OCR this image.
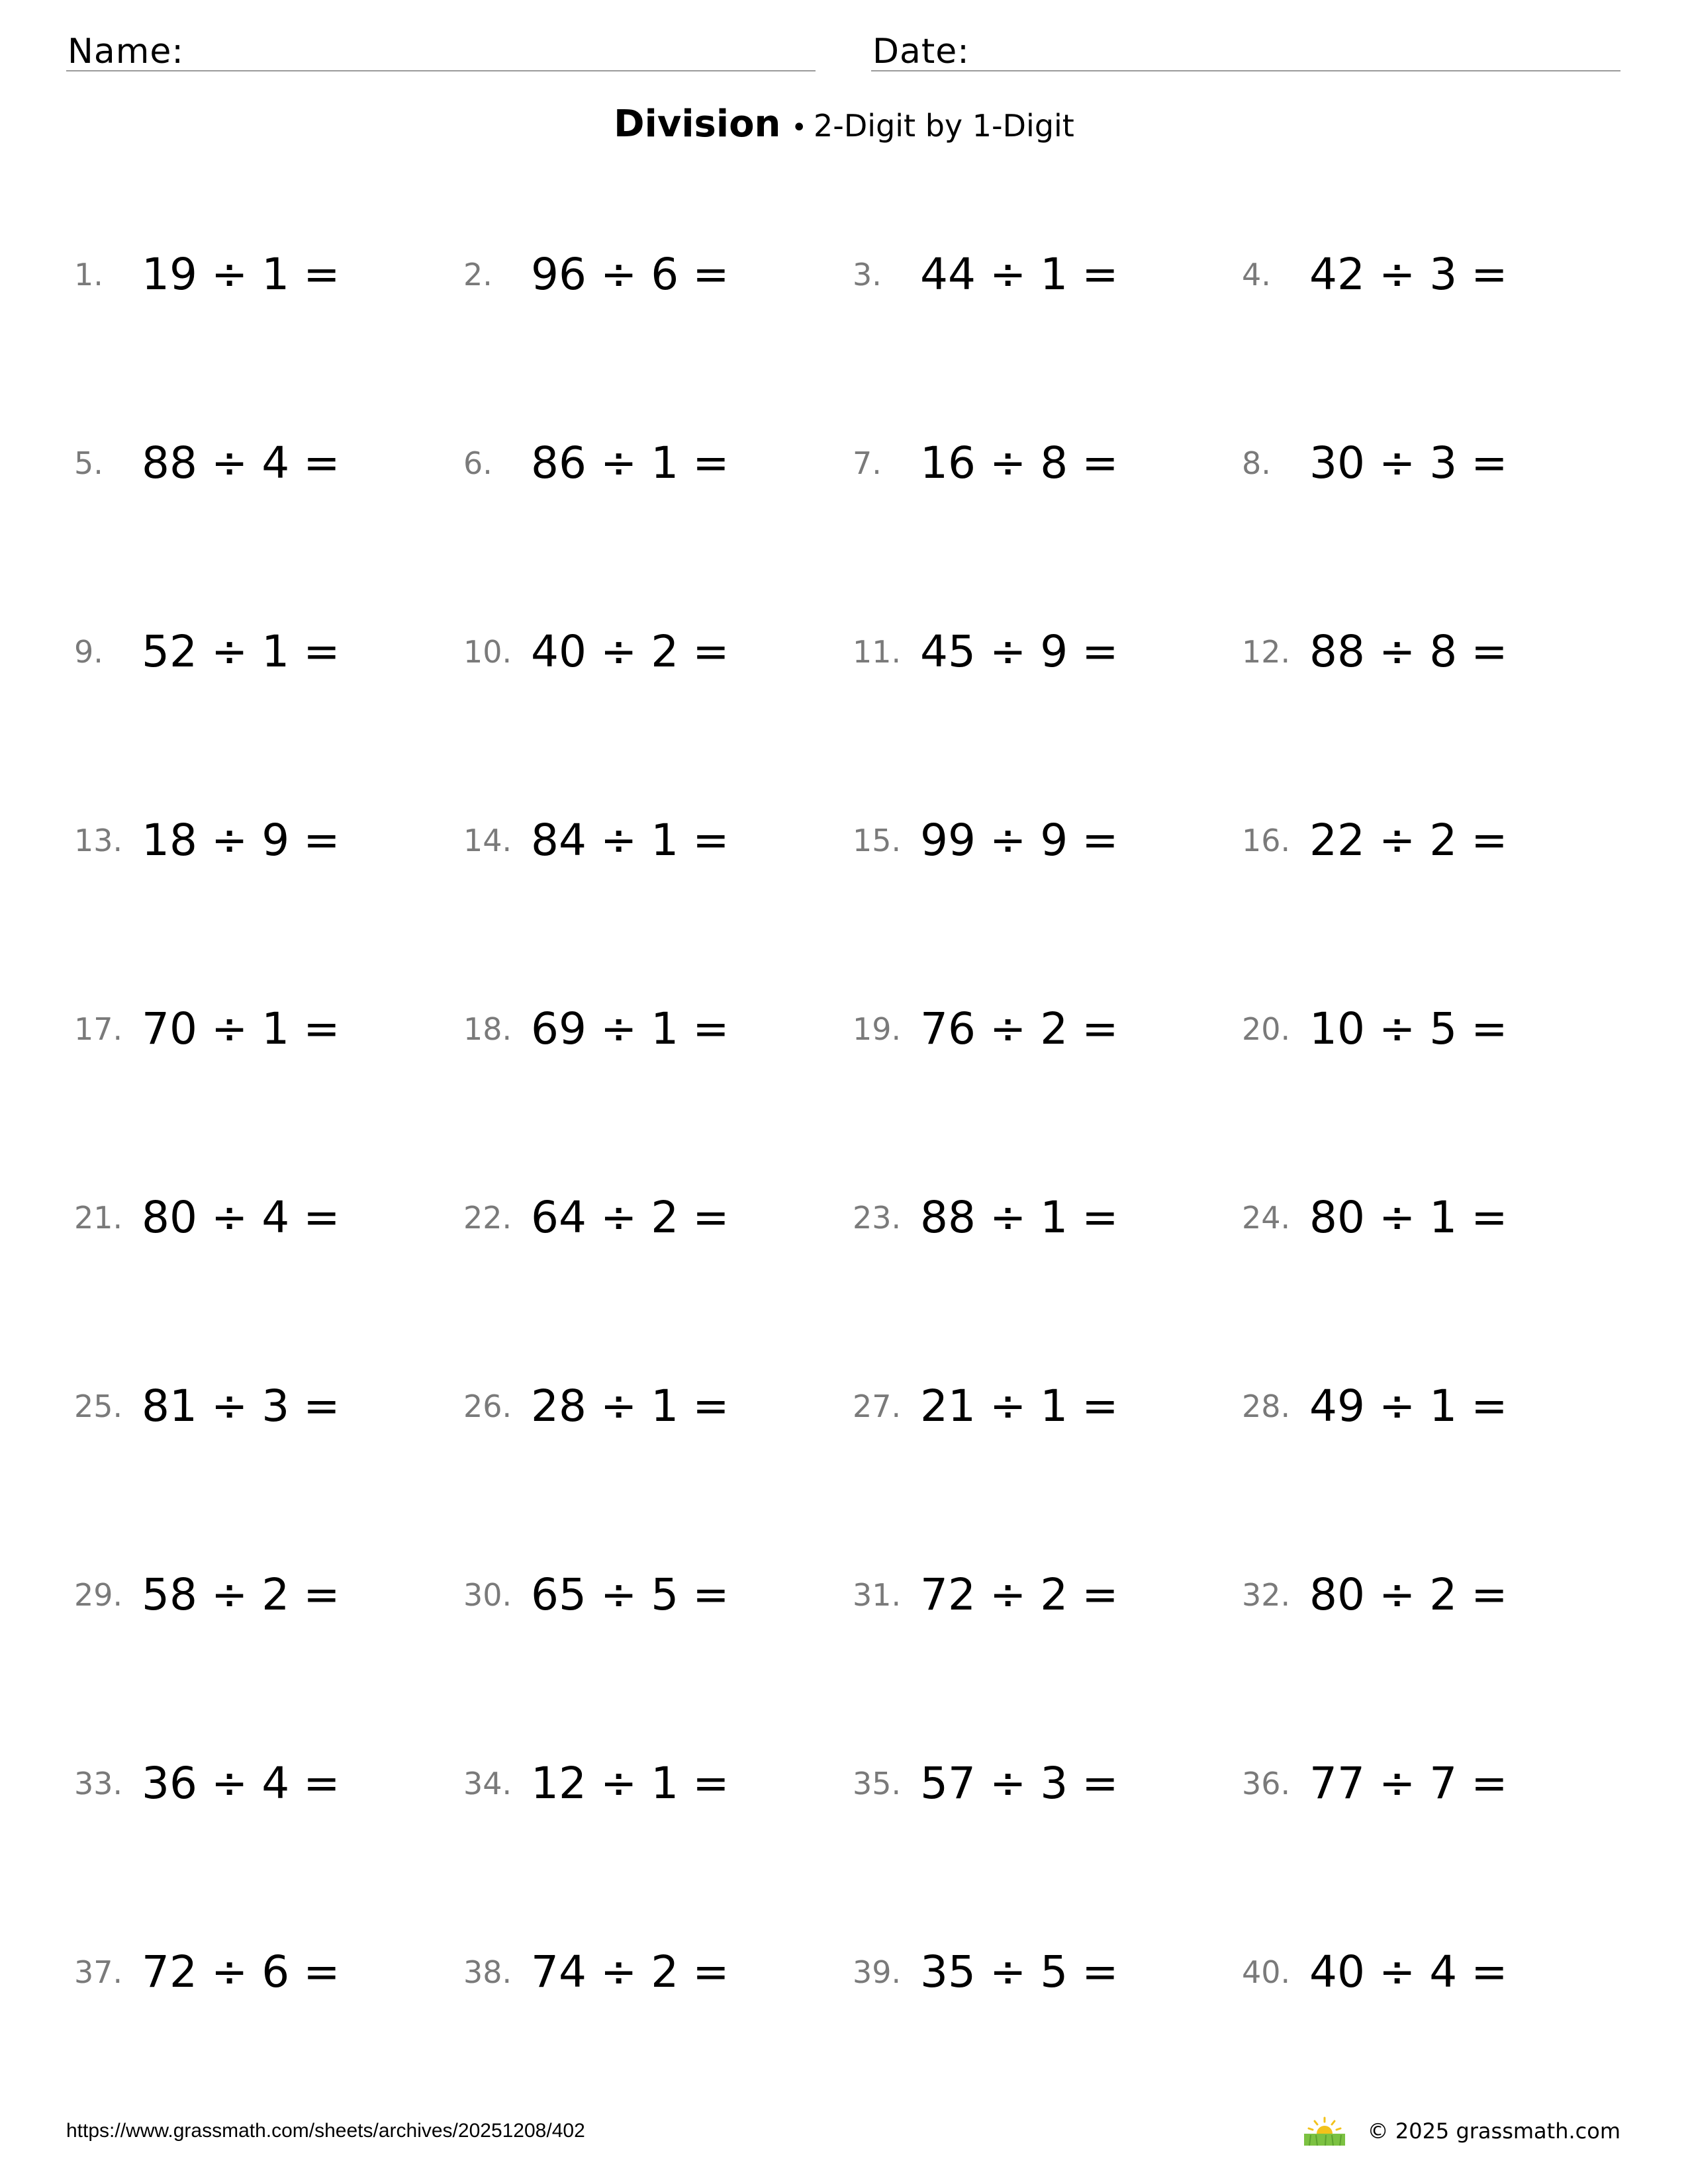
Name:	Date:
Division • 2-Digit by 1-Digit
1. 19 ÷ 1 =	2. 96 ÷ 6 =	3. 44 ÷ 1 =	4. 42 ÷ 3 =
5. 88 ÷ 4 =	6. 86 ÷ 1 =	7. 16 ÷ 8 =	8. 30 ÷ 3 =
9. 52 ÷ 1 =	10. 40 ÷ 2 =	11. 45 ÷ 9 =	12. 88 ÷ 8 =
13. 18 ÷ 9 =	14. 84 ÷ 1 =	15. 99 ÷ 9 =	16. 22 ÷ 2 =
17. 70 ÷ 1 =	18. 69 ÷ 1 =	19. 76 ÷ 2 =	20. 10 ÷ 5 =
21. 80 ÷ 4 =	22. 64 ÷ 2 =	23. 88 ÷ 1 =	24. 80 ÷ 1 =
25. 81 ÷ 3 =	26. 28 ÷ 1 =	27. 21 ÷ 1 =	28. 49 ÷ 1 =
29. 58 ÷ 2 =	30. 65 ÷ 5 =	31. 72 ÷ 2 =	32. 80 ÷ 2 =
33. 36 ÷ 4 =	34. 12 ÷ 1 =	35. 57 ÷ 3 =	36. 77 ÷ 7 =
37. 72 ÷ 6 =	38. 74 ÷ 2 =	39. 35 ÷ 5 =	40. 40 ÷ 4 =
https://www.grassmath.com/sheets/archives/20251208/402	© 2025 grassmath.com
